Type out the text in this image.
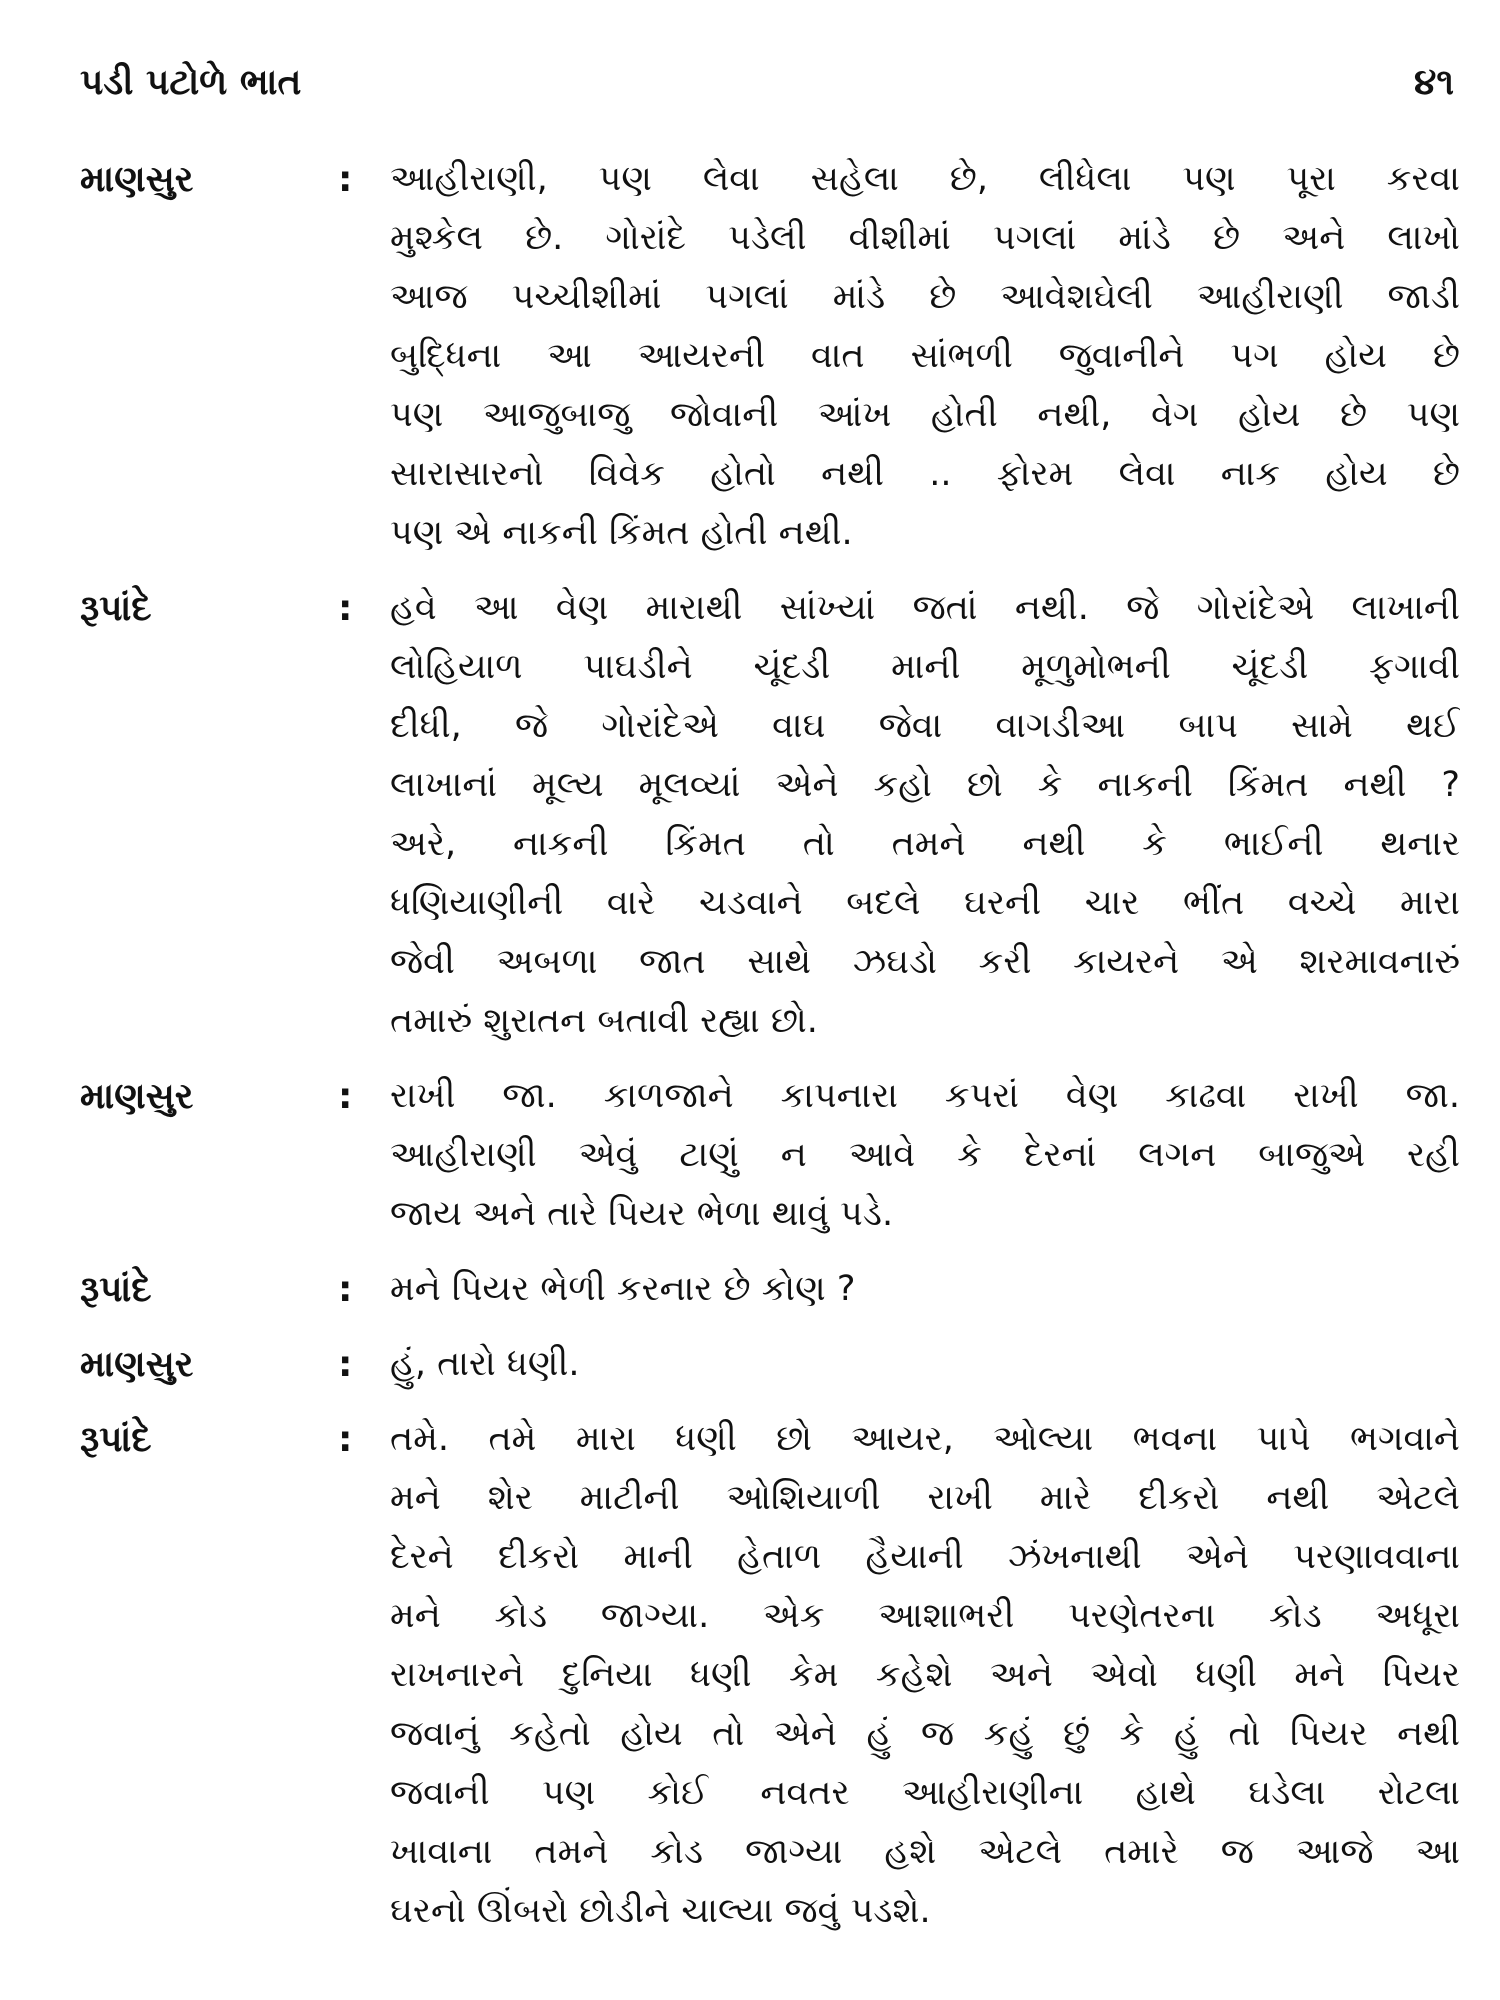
પડી પટોળે ભાત	૪૧
માણસુર	:	આહીરાણી, પણ લેવા સહેલા છે, લીધેલા પણ પૂરા કરવા
મુશ્કેલ છે. ગોરાંદે પડેલી વીશીમાં પગલાં માંડે છે અને લાખો
આજ પચ્ચીશીમાં પગલાં માંડે છે આવેશઘેલી આહીરાણી જાડી
બુદ્ધિના આ આયરની વાત સાંભળી જુવાનીને પગ હોય છે
પણ આજુબાજુ જોવાની આંખ હોતી નથી, વેગ હોય છે પણ
સારાસારનો વિવેક હોતો નથી .. ફોરમ લેવા નાક હોય છે
પણ એ નાકની કિંમત હોતી નથી.
રૂપાંદે	:	હવે આ વેણ મારાથી સાંખ્યાં જતાં નથી. જે ગોરાંદેએ લાખાની
લોહિયાળ પાઘડીને ચૂંદડી માની મૂળુમોભની ચૂંદડી ફગાવી
દીધી, જે ગોરાંદેએ વાઘ જેવા વાગડીઆ બાપ સામે થઈ
લાખાનાં મૂલ્ય મૂલવ્યાં એને કહો છો કે નાકની કિંમત નથી ?
અરે, નાકની કિંમત તો તમને નથી કે ભાઈની થનાર
ધણિયાણીની વારે ચડવાને બદલે ઘરની ચાર ભીંત વચ્ચે મારા
જેવી અબળા જાત સાથે ઝઘડો કરી કાયરને એ શરમાવનારું
તમારું શુરાતન બતાવી રહ્યા છો.
માણસુર	:	રાખી જા. કાળજાને કાપનારા કપરાં વેણ કાઢવા રાખી જા.
આહીરાણી એવું ટાણું ન આવે કે દેરનાં લગન બાજુએ રહી
જાય અને તારે પિયર ભેળા થાવું પડે.
રૂપાંદે	:	મને પિયર ભેળી કરનાર છે કોણ ?
માણસુર	:	હું, તારો ધણી.
રૂપાંદે	:	તમે. તમે મારા ધણી છો આયર, ઓલ્યા ભવના પાપે ભગવાને
મને શેર માટીની ઓશિયાળી રાખી મારે દીકરો નથી એટલે
દેરને દીકરો માની હેતાળ હૈયાની ઝંખનાથી એને પરણાવવાના
મને કોડ જાગ્યા. એક આશાભરી પરણેતરના કોડ અધૂરા
રાખનારને દુનિયા ધણી કેમ કહેશે અને એવો ધણી મને પિયર
જવાનું કહેતો હોય તો એને હું જ કહું છું કે હું તો પિયર નથી
જવાની પણ કોઈ નવતર આહીરાણીના હાથે ઘડેલા રોટલા
ખાવાના તમને કોડ જાગ્યા હશે એટલે તમારે જ આજે આ
ઘરનો ઊંબરો છોડીને ચાલ્યા જવું પડશે.
